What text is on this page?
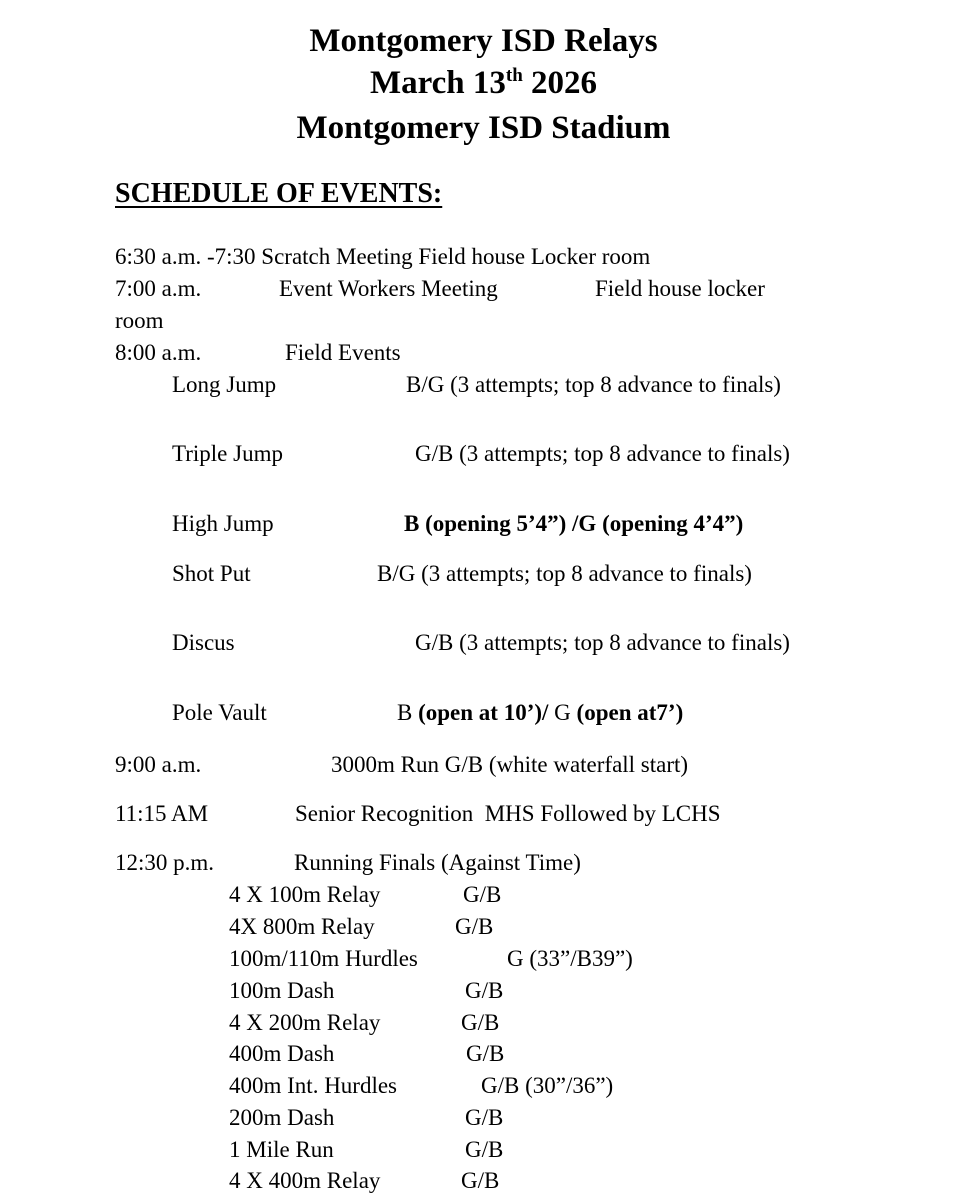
Montgomery ISD Relays
March 13th 2026
Montgomery ISD Stadium
SCHEDULE OF EVENTS:
6:30 a.m. -7:30 Scratch Meeting Field house Locker room
7:00 a.m.	Event Workers Meeting	Field house locker
room
8:00 a.m.	Field Events
Long Jump	B/G (3 attempts; top 8 advance to finals)
Triple Jump	G/B (3 attempts; top 8 advance to finals)
High Jump	B (opening 5’4”) /G (opening 4’4”)
Shot Put	B/G (3 attempts; top 8 advance to finals)
Discus	G/B (3 attempts; top 8 advance to finals)
Pole Vault	B (open at 10’)/ G (open at7’)
9:00 a.m.	3000m Run G/B (white waterfall start)
11:15 AM	Senior Recognition  MHS Followed by LCHS
12:30 p.m.	Running Finals (Against Time)
4 X 100m Relay	G/B
4X 800m Relay	G/B
100m/110m Hurdles	G (33”/B39”)
100m Dash	G/B
4 X 200m Relay	G/B
400m Dash	G/B
400m Int. Hurdles	G/B (30”/36”)
200m Dash	G/B
1 Mile Run	G/B
4 X 400m Relay	G/B
